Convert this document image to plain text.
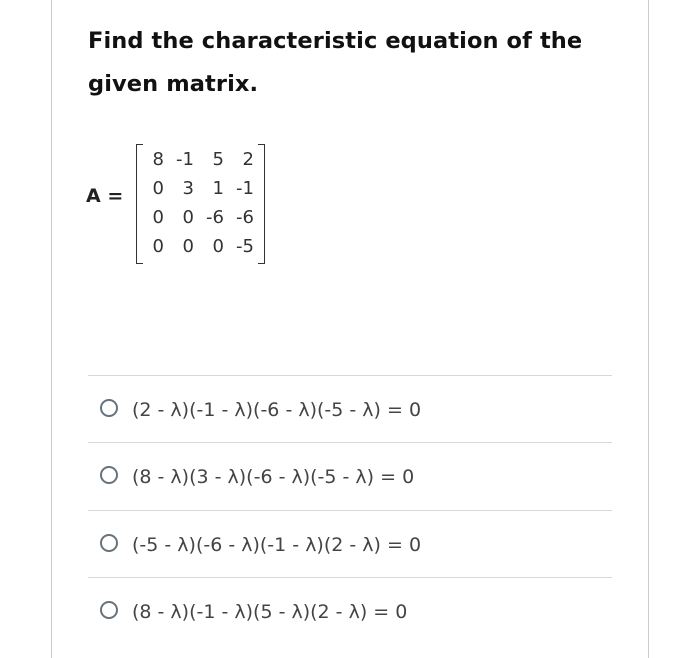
Find the characteristic equation of the given matrix.

A =
8 -1	5	2
0	3	1 -1
0	0 -6 -6
0	0	0 -5
(2 - λ)(-1 - λ)(-6 - λ)(-5 - λ) = 0
(8 - λ)(3 - λ)(-6 - λ)(-5 - λ) = 0
(-5 - λ)(-6 - λ)(-1 - λ)(2 - λ) = 0
(8 - λ)(-1 - λ)(5 - λ)(2 - λ) = 0
